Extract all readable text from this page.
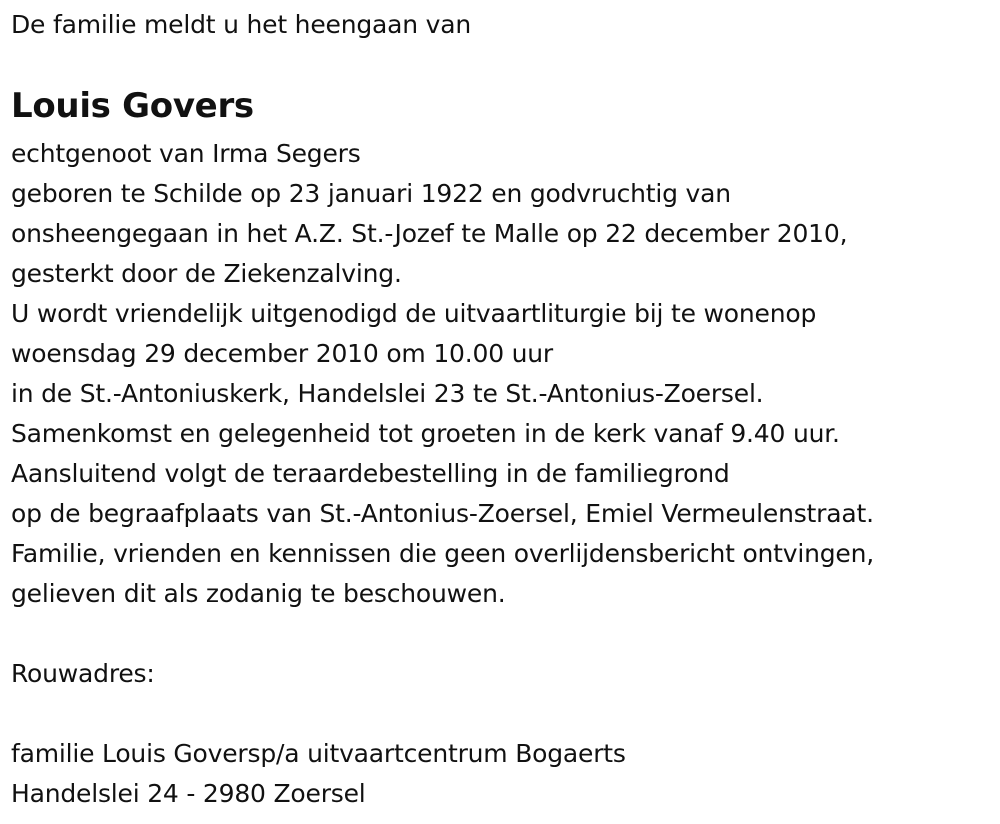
De familie meldt u het heengaan van
Louis Govers
echtgenoot van Irma Segers
geboren te Schilde op 23 januari 1922 en godvruchtig van
onsheengegaan in het A.Z. St.-Jozef te Malle op 22 december 2010,
gesterkt door de Ziekenzalving.
U wordt vriendelijk uitgenodigd de uitvaartliturgie bij te wonenop
woensdag 29 december 2010 om 10.00 uur
in de St.-Antoniuskerk, Handelslei 23 te St.-Antonius-Zoersel.
Samenkomst en gelegenheid tot groeten in de kerk vanaf 9.40 uur.
Aansluitend volgt de teraardebestelling in de familiegrond
op de begraafplaats van St.-Antonius-Zoersel, Emiel Vermeulenstraat.
Familie, vrienden en kennissen die geen overlijdensbericht ontvingen,
gelieven dit als zodanig te beschouwen.
Rouwadres:
familie Louis Goversp/a uitvaartcentrum Bogaerts
Handelslei 24 - 2980 Zoersel
